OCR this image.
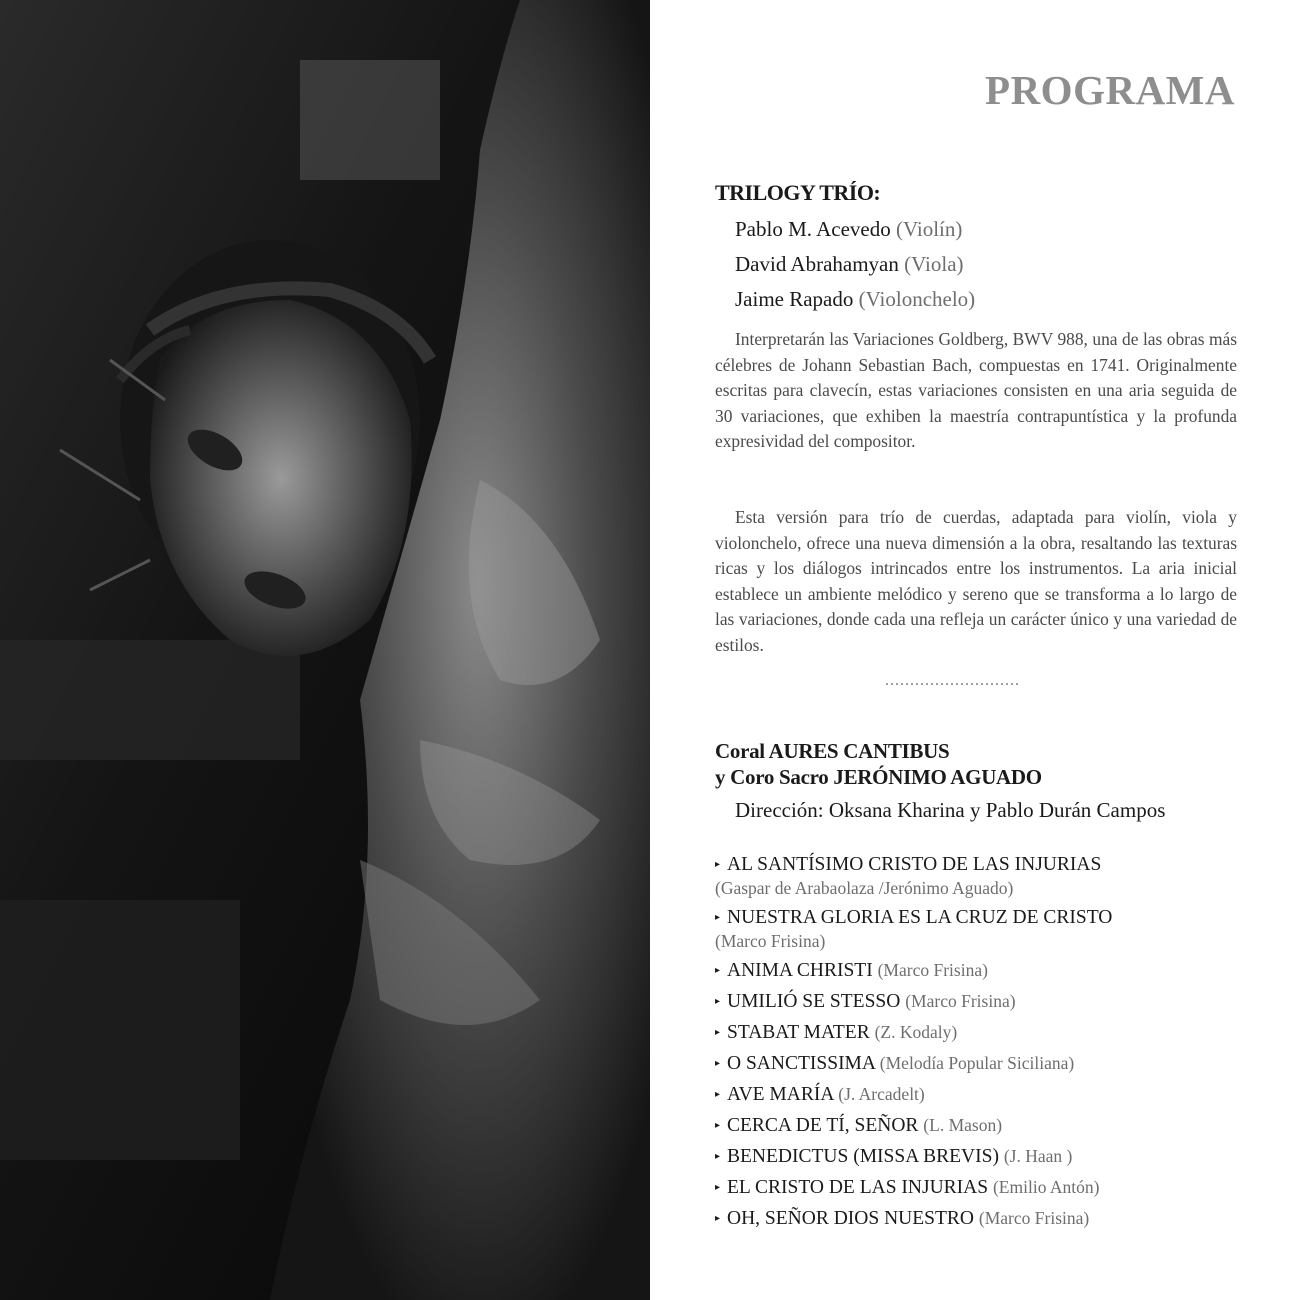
PROGRAMA
TRILOGY TRÍO:
Pablo M. Acevedo (Violín)
David Abrahamyan (Viola)
Jaime Rapado (Violonchelo)

Interpretarán las Variaciones Goldberg, BWV 988, una de las obras más célebres de Johann Sebastian Bach, compuestas en 1741. Originalmente escritas para clavecín, estas variaciones consisten en una aria seguida de 30 variaciones, que exhiben la maestría contrapuntística y la profunda expresividad del compositor.

Esta versión para trío de cuerdas, adaptada para violín, viola y violonchelo, ofrece una nueva dimensión a la obra, resaltando las texturas ricas y los diálogos intrincados entre los instrumentos. La aria inicial establece un ambiente melódico y sereno que se transforma a lo largo de las variaciones, donde cada una refleja un carácter único y una variedad de estilos.

...........................
Coral AURES CANTIBUS
y Coro Sacro JERÓNIMO AGUADO
Dirección: Oksana Kharina y Pablo Durán Campos
▸ AL SANTÍSIMO CRISTO DE LAS INJURIAS
(Gaspar de Arabaolaza /Jerónimo Aguado)
▸ NUESTRA GLORIA ES LA CRUZ DE CRISTO
(Marco Frisina)
▸ ANIMA CHRISTI (Marco Frisina)
▸ UMILIÓ SE STESSO (Marco Frisina)
▸ STABAT MATER (Z. Kodaly)
▸ O SANCTISSIMA (Melodía Popular Siciliana)
▸ AVE MARÍA (J. Arcadelt)
▸ CERCA DE TÍ, SEÑOR (L. Mason)
▸ BENEDICTUS (MISSA BREVIS) (J. Haan )
▸ EL CRISTO DE LAS INJURIAS (Emilio Antón)
▸ OH, SEÑOR DIOS NUESTRO (Marco Frisina)
